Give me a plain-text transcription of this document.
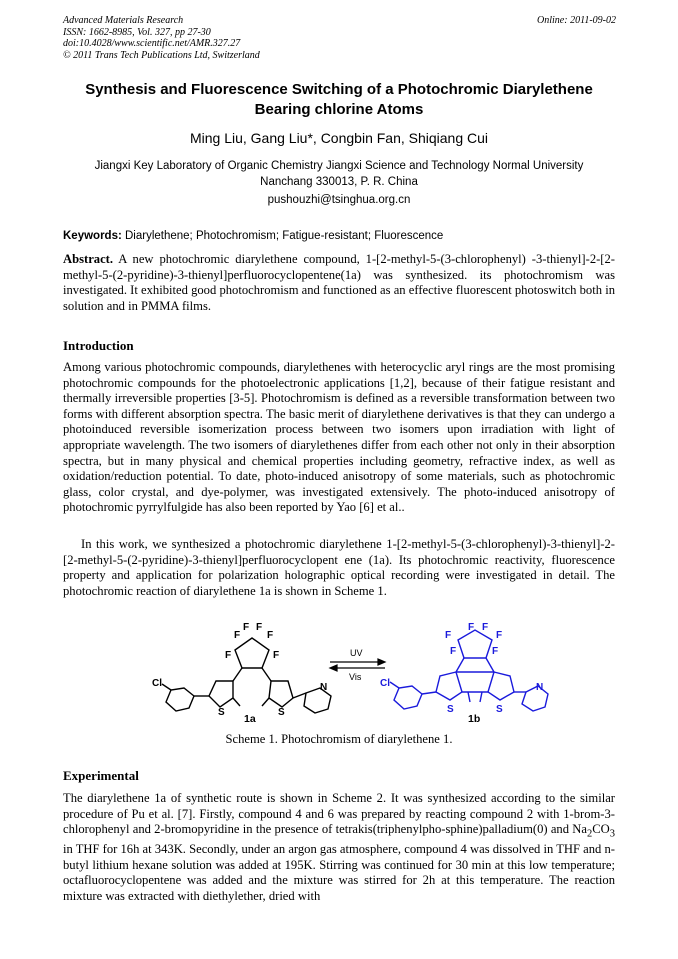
Advanced Materials Research
ISSN: 1662-8985, Vol. 327, pp 27-30
doi:10.4028/www.scientific.net/AMR.327.27
© 2011 Trans Tech Publications Ltd, Switzerland
Online: 2011-09-02
Synthesis and Fluorescence Switching of a Photochromic Diarylethene
Bearing chlorine Atoms
Ming Liu, Gang Liu*, Congbin Fan, Shiqiang Cui
Jiangxi Key Laboratory of Organic Chemistry Jiangxi Science and Technology Normal University
Nanchang 330013, P. R. China
pushouzhi@tsinghua.org.cn
Keywords: Diarylethene; Photochromism; Fatigue-resistant; Fluorescence
Abstract. A new photochromic diarylethene compound, 1-[2-methyl-5-(3-chlorophenyl) -3-thienyl]-2-[2-methyl-5-(2-pyridine)-3-thienyl]perfluorocyclopentene(1a) was synthesized. its photochromism was investigated. It exhibited good photochromism and functioned as an effective fluorescent photoswitch both in solution and in PMMA films.
Introduction
Among various photochromic compounds, diarylethenes with heterocyclic aryl rings are the most promising photochromic compounds for the photoelectronic applications [1,2], because of their fatigue resistant and thermally irreversible properties [3-5]. Photochromism is defined as a reversible transformation between two forms with different absorption spectra. The basic merit of diarylethene derivatives is that they can undergo a photoinduced reversible isomerization process between two isomers upon irradiation with light of appropriate wavelength. The two isomers of diarylethenes differ from each other not only in their absorption spectra, but in many physical and chemical properties including geometry, refractive index, as well as oxidation/reduction potential. To date, photo-induced anisotropy of some materials, such as photochromic glass, color crystal, and dye-polymer, was investigated extensively. The photo-induced anisotropy of photochromic pyrrylfulgide has also been reported by Yao [6] et al..
In this work, we synthesized a photochromic diarylethene 1-[2-methyl-5-(3-chlorophenyl)-3-thienyl]-2-[2-methyl-5-(2-pyridine)-3-thienyl]perfluorocyclopent ene (1a). Its photochromic reactivity, fluorescence property and application for polarization holographic optical recording were investigated in detail. The photochromic reaction of diarylethene 1a is shown in Scheme 1.
F
F F
F
F	F
S	S
Cl	N
UV
Vis
F F
F	F
F	F
S	S
Cl	N
1a	1b
Scheme 1. Photochromism of diarylethene 1.
Experimental
The diarylethene 1a of synthetic route is shown in Scheme 2. It was synthesized according to the similar procedure of Pu et al. [7]. Firstly, compound 4 and 6 was prepared by reacting compound 2 with 1-brom-3-chlorophenyl and 2-bromopyridine in the presence of tetrakis(triphenylpho-sphine)palladium(0) and $Na_2CO_3$ in THF for 16h at 343K. Secondly, under an argon gas atmosphere, compound 4 was dissolved in THF and n-butyl lithium hexane solution was added at 195K. Stirring was continued for 30 min at this low temperature; octafluorocyclopentene was added and the mixture was stirred for 2h at this temperature. The reaction mixture was extracted with diethylether, dried with
